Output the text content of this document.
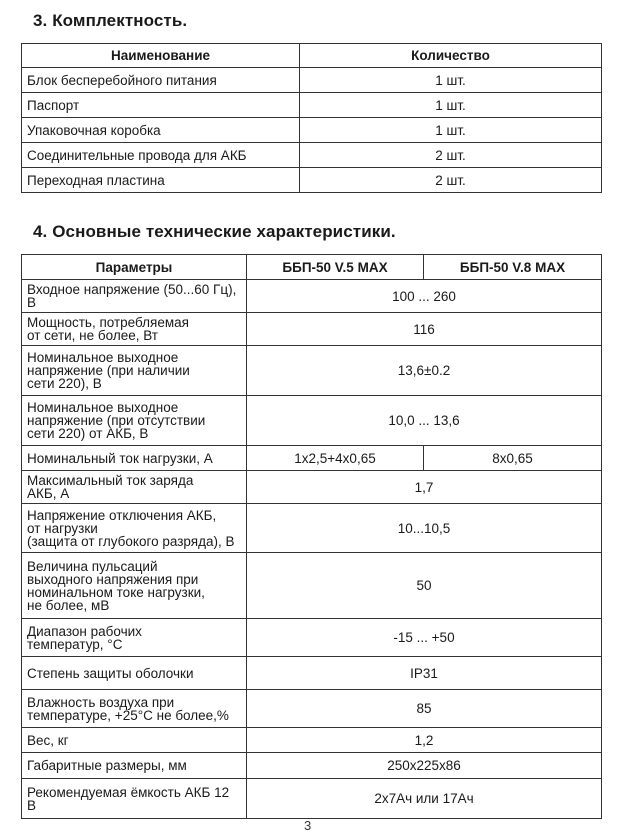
3. Комплектность.
Наименование	Количество
Блок бесперебойного питания	1 шт.
Паспорт	1 шт.
Упаковочная коробка	1 шт.
Соединительные провода для АКБ	2 шт.
Переходная пластина	2 шт.
4. Основные технические характеристики.
Параметры	ББП-50 V.5 MAX	ББП-50 V.8 MAX

Входное напряжение (50...60 Гц), В	100 ... 260	

Мощность, потребляемая
от сети, не более, Вт	116	

Номинальное выходное
напряжение (при наличии
сети 220), В	13,6±0.2	

Номинальное выходное
напряжение (при отсутствии
сети 220) от АКБ, В	10,0 ... 13,6	

Номинальный ток нагрузки, А	1х2,5+4х0,65	8х0,65

Максимальный ток заряда
АКБ, А	1,7	

Напряжение отключения АКБ,
от нагрузки
(защита от глубокого разряда), В	10...10,5	

Величина пульсаций
выходного напряжения при
номинальном токе нагрузки,
не более, мВ	50	

Диапазон рабочих
температур, °С	-15 ... +50	

Степень защиты оболочки	IP31	

Влажность воздуха при
температуре, +25°С не более,%	85	

Вес, кг	1,2	

Габаритные размеры, мм	250х225х86	

Рекомендуемая ёмкость АКБ 12 В	2х7Ач или 17Ач	
3
